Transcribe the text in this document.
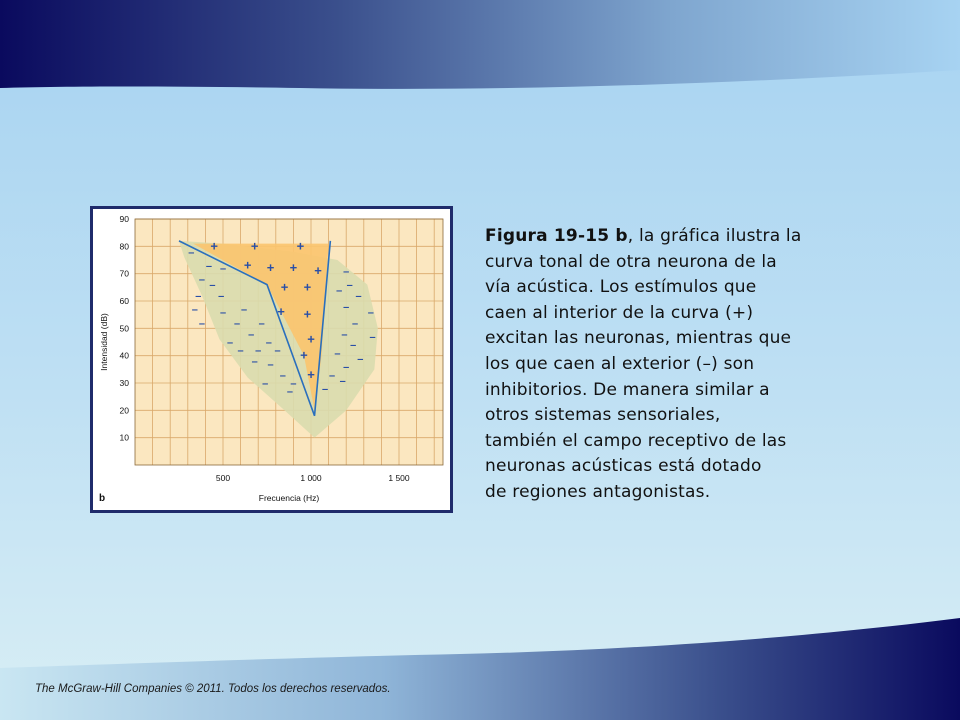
+	+	+
+ + + +
+ +
+ +
+
+
+
–
– –
– –
– –
– –
–
–
–
–
–
–	–
– – –
– –
–
– –
–
–
–
– –
–
–
–
– –
–
– –
–
– –
–
10
20
30
40
50
60
70
80
90
500	1 000	1 500
Frecuencia (Hz)
Intensidad (dB)
b
Figura 19-15 b, la gráfica ilustra la
curva tonal de otra neurona de la
vía acústica. Los estímulos que
caen al interior de la curva (+)
excitan las neuronas, mientras que
los que caen al exterior (–) son
inhibitorios. De manera similar a
otros sistemas sensoriales,
también el campo receptivo de las
neuronas acústicas está dotado
de regiones antagonistas.
The McGraw-Hill Companies © 2011. Todos los derechos reservados.
